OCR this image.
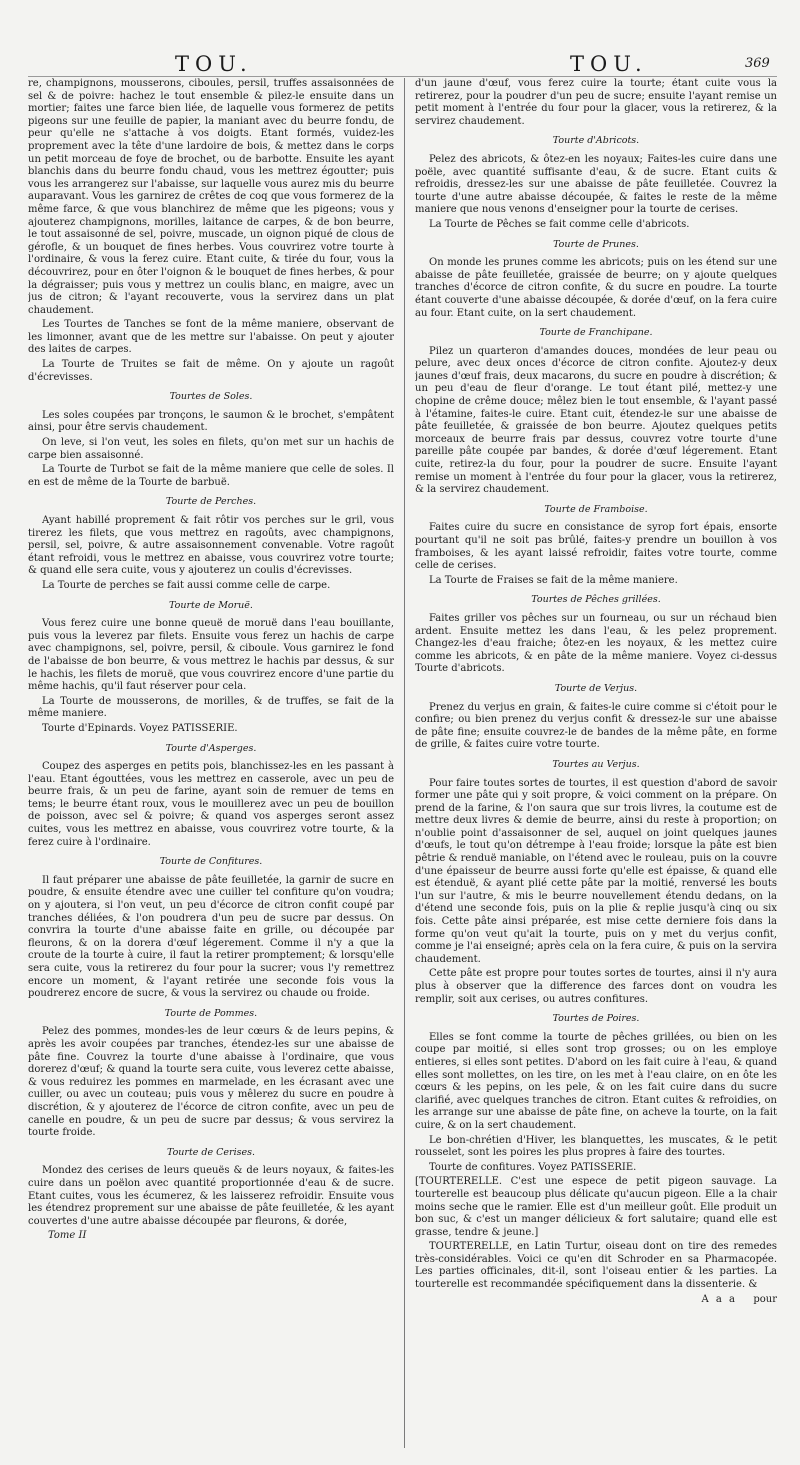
TOU.	TOU.	369

re, champignons, mousserons, ciboules, persil, truffes assaisonnées de sel & de poivre: hachez le tout ensemble & pilez-le ensuite dans un mortier; faites une farce bien liée, de laquelle vous formerez de petits pigeons sur une feuille de papier, la maniant avec du beurre fondu, de peur qu'elle ne s'attache à vos doigts. Etant formés, vuidez-les proprement avec la tête d'une lardoire de bois, & mettez dans le corps un petit morceau de foye de brochet, ou de barbotte. Ensuite les ayant blanchis dans du beurre fondu chaud, vous les mettrez égoutter; puis vous les arrangerez sur l'abaisse, sur laquelle vous aurez mis du beurre auparavant. Vous les garnirez de crêtes de coq que vous formerez de la même farce, & que vous blanchirez de même que les pigeons; vous y ajouterez champignons, morilles, laitance de carpes, & de bon beurre, le tout assaisonné de sel, poivre, muscade, un oignon piqué de clous de gérofle, & un bouquet de fines herbes. Vous couvrirez votre tourte à l'ordinaire, & vous la ferez cuire. Etant cuite, & tirée du four, vous la découvrirez, pour en ôter l'oignon & le bouquet de fines herbes, & pour la dégraisser; puis vous y mettrez un coulis blanc, en maigre, avec un jus de citron; & l'ayant recouverte, vous la servirez dans un plat chaudement.

Les Tourtes de Tanches se font de la même maniere, observant de les limonner, avant que de les mettre sur l'abaisse. On peut y ajouter des laites de carpes.

La Tourte de Truites se fait de même. On y ajoute un ragoût d'écrevisses.

Tourtes de Soles.

Les soles coupées par tronçons, le saumon & le brochet, s'empâtent ainsi, pour être servis chaudement.

On leve, si l'on veut, les soles en filets, qu'on met sur un hachis de carpe bien assaisonné.

La Tourte de Turbot se fait de la même maniere que celle de soles. Il en est de même de la Tourte de barbuë.

Tourte de Perches.

Ayant habillé proprement & fait rôtir vos perches sur le gril, vous tirerez les filets, que vous mettrez en ragoûts, avec champignons, persil, sel, poivre, & autre assaisonnement convenable. Votre ragoût étant refroidi, vous le mettrez en abaisse, vous couvrirez votre tourte; & quand elle sera cuite, vous y ajouterez un coulis d'écrevisses.

La Tourte de perches se fait aussi comme celle de carpe.

Tourte de Moruë.

Vous ferez cuire une bonne queuë de moruë dans l'eau bouillante, puis vous la leverez par filets. Ensuite vous ferez un hachis de carpe avec champignons, sel, poivre, persil, & ciboule. Vous garnirez le fond de l'abaisse de bon beurre, & vous mettrez le hachis par dessus, & sur le hachis, les filets de moruë, que vous couvrirez encore d'une partie du même hachis, qu'il faut réserver pour cela.

La Tourte de mousserons, de morilles, & de truffes, se fait de la même maniere.

Tourte d'Epinards. Voyez PATISSERIE.

Tourte d'Asperges.

Coupez des asperges en petits pois, blanchissez-les en les passant à l'eau. Etant égouttées, vous les mettrez en casserole, avec un peu de beurre frais, & un peu de farine, ayant soin de remuer de tems en tems; le beurre étant roux, vous le mouillerez avec un peu de bouillon de poisson, avec sel & poivre; & quand vos asperges seront assez cuites, vous les mettrez en abaisse, vous couvrirez votre tourte, & la ferez cuire à l'ordinaire.

Tourte de Confitures.

Il faut préparer une abaisse de pâte feuilletée, la garnir de sucre en poudre, & ensuite étendre avec une cuiller tel confiture qu'on voudra; on y ajoutera, si l'on veut, un peu d'écorce de citron confit coupé par tranches déliées, & l'on poudrera d'un peu de sucre par dessus. On convrira la tourte d'une abaisse faite en grille, ou découpée par fleurons, & on la dorera d'œuf légerement. Comme il n'y a que la croute de la tourte à cuire, il faut la retirer promptement; & lorsqu'elle sera cuite, vous la retirerez du four pour la sucrer; vous l'y remettrez encore un moment, & l'ayant retirée une seconde fois vous la poudrerez encore de sucre, & vous la servirez ou chaude ou froide.

Tourte de Pommes.

Pelez des pommes, mondes-les de leur cœurs & de leurs pepins, & après les avoir coupées par tranches, étendez-les sur une abaisse de pâte fine. Couvrez la tourte d'une abaisse à l'ordinaire, que vous dorerez d'œuf; & quand la tourte sera cuite, vous leverez cette abaisse, & vous reduirez les pommes en marmelade, en les écrasant avec une cuiller, ou avec un couteau; puis vous y mêlerez du sucre en poudre à discrétion, & y ajouterez de l'écorce de citron confite, avec un peu de canelle en poudre, & un peu de sucre par dessus; & vous servirez la tourte froide.

Tourte de Cerises.

Mondez des cerises de leurs queuës & de leurs noyaux, & faites-les cuire dans un poëlon avec quantité proportionnée d'eau & de sucre. Etant cuites, vous les écumerez, & les laisserez refroidir. Ensuite vous les étendrez proprement sur une abaisse de pâte feuilletée, & les ayant couvertes d'une autre abaisse découpée par fleurons, & dorée,

Tome II

d'un jaune d'œuf, vous ferez cuire la tourte; étant cuite vous la retirerez, pour la poudrer d'un peu de sucre; ensuite l'ayant remise un petit moment à l'entrée du four pour la glacer, vous la retirerez, & la servirez chaudement.

Tourte d'Abricots.

Pelez des abricots, & ôtez-en les noyaux; Faites-les cuire dans une poële, avec quantité suffisante d'eau, & de sucre. Etant cuits & refroidis, dressez-les sur une abaisse de pâte feuilletée. Couvrez la tourte d'une autre abaisse découpée, & faites le reste de la même maniere que nous venons d'enseigner pour la tourte de cerises.

La Tourte de Pêches se fait comme celle d'abricots.

Tourte de Prunes.

On monde les prunes comme les abricots; puis on les étend sur une abaisse de pâte feuilletée, graissée de beurre; on y ajoute quelques tranches d'écorce de citron confite, & du sucre en poudre. La tourte étant couverte d'une abaisse découpée, & dorée d'œuf, on la fera cuire au four. Etant cuite, on la sert chaudement.

Tourte de Franchipane.

Pilez un quarteron d'amandes douces, mondées de leur peau ou pelure, avec deux onces d'écorce de citron confite. Ajoutez-y deux jaunes d'œuf frais, deux macarons, du sucre en poudre à discrétion; & un peu d'eau de fleur d'orange. Le tout étant pilé, mettez-y une chopine de crême douce; mêlez bien le tout ensemble, & l'ayant passé à l'étamine, faites-le cuire. Etant cuit, étendez-le sur une abaisse de pâte feuilletée, & graissée de bon beurre. Ajoutez quelques petits morceaux de beurre frais par dessus, couvrez votre tourte d'une pareille pâte coupée par bandes, & dorée d'œuf légerement. Etant cuite, retirez-la du four, pour la poudrer de sucre. Ensuite l'ayant remise un moment à l'entrée du four pour la glacer, vous la retirerez, & la servirez chaudement.

Tourte de Framboise.

Faites cuire du sucre en consistance de syrop fort épais, ensorte pourtant qu'il ne soit pas brûlé, faites-y prendre un bouillon à vos framboises, & les ayant laissé refroidir, faites votre tourte, comme celle de cerises.

La Tourte de Fraises se fait de la même maniere.

Tourtes de Pêches grillées.

Faites griller vos pêches sur un fourneau, ou sur un réchaud bien ardent. Ensuite mettez les dans l'eau, & les pelez proprement. Changez-les d'eau fraiche; ôtez-en les noyaux, & les mettez cuire comme les abricots, & en pâte de la même maniere. Voyez ci-dessus Tourte d'abricots.

Tourte de Verjus.

Prenez du verjus en grain, & faites-le cuire comme si c'étoit pour le confire; ou bien prenez du verjus confit & dressez-le sur une abaisse de pâte fine; ensuite couvrez-le de bandes de la même pâte, en forme de grille, & faites cuire votre tourte.

Tourtes au Verjus.

Pour faire toutes sortes de tourtes, il est question d'abord de savoir former une pâte qui y soit propre, & voici comment on la prépare. On prend de la farine, & l'on saura que sur trois livres, la coutume est de mettre deux livres & demie de beurre, ainsi du reste à proportion; on n'oublie point d'assaisonner de sel, auquel on joint quelques jaunes d'œufs, le tout qu'on détrempe à l'eau froide; lorsque la pâte est bien pêtrie & renduë maniable, on l'étend avec le rouleau, puis on la couvre d'une épaisseur de beurre aussi forte qu'elle est épaisse, & quand elle est étenduë, & ayant plié cette pâte par la moitié, renversé les bouts l'un sur l'autre, & mis le beurre nouvellement étendu dedans, on la d'étend une seconde fois, puis on la plie & replie jusqu'à cinq ou six fois. Cette pâte ainsi préparée, est mise cette derniere fois dans la forme qu'on veut qu'ait la tourte, puis on y met du verjus confit, comme je l'ai enseigné; après cela on la fera cuire, & puis on la servira chaudement.

Cette pâte est propre pour toutes sortes de tourtes, ainsi il n'y aura plus à observer que la difference des farces dont on voudra les remplir, soit aux cerises, ou autres confitures.

Tourtes de Poires.

Elles se font comme la tourte de pêches grillées, ou bien on les coupe par moitié, si elles sont trop grosses; ou on les employe entieres, si elles sont petites. D'abord on les fait cuire à l'eau, & quand elles sont mollettes, on les tire, on les met à l'eau claire, on en ôte les cœurs & les pepins, on les pele, & on les fait cuire dans du sucre clarifié, avec quelques tranches de citron. Etant cuites & refroidies, on les arrange sur une abaisse de pâte fine, on acheve la tourte, on la fait cuire, & on la sert chaudement.

Le bon-chrétien d'Hiver, les blanquettes, les muscates, & le petit rousselet, sont les poires les plus propres à faire des tourtes.

Tourte de confitures. Voyez PATISSERIE.

[TOURTERELLE. C'est une espece de petit pigeon sauvage. La tourterelle est beaucoup plus délicate qu'aucun pigeon. Elle a la chair moins seche que le ramier. Elle est d'un meilleur goût. Elle produit un bon suc, & c'est un manger délicieux & fort salutaire; quand elle est grasse, tendre & jeune.]

TOURTERELLE, en Latin Turtur, oiseau dont on tire des remedes très-considérables. Voici ce qu'en dit Schroder en sa Pharmacopée. Les parties officinales, dit-il, sont l'oiseau entier & les parties. La tourterelle est recommandée spécifiquement dans la dissenterie. &

A a a pour
